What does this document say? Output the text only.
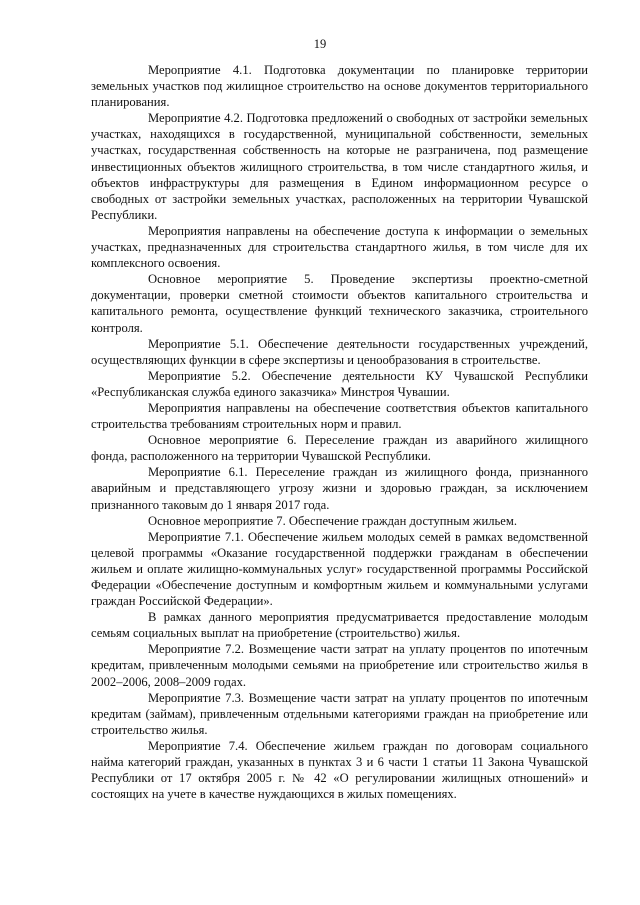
19

Мероприятие 4.1. Подготовка документации по планировке территории земельных участков под жилищное строительство на основе документов территориального планирования.

Мероприятие 4.2. Подготовка предложений о свободных от застройки земельных участках, находящихся в государственной, муниципальной собственности, земельных участках, государственная собственность на которые не разграничена, под размещение инвестиционных объектов жилищного строительства, в том числе стандартного жилья, и объектов инфраструктуры для размещения в Едином информационном ресурсе о свободных от застройки земельных участках, расположенных на территории Чувашской Республики.

Мероприятия направлены на обеспечение доступа к информации о земельных участках, предназначенных для строительства стандартного жилья, в том числе для их комплексного освоения.

Основное мероприятие 5. Проведение экспертизы проектно-сметной документации, проверки сметной стоимости объектов капитального строительства и капитального ремонта, осуществление функций технического заказчика, строительного контроля.

Мероприятие 5.1. Обеспечение деятельности государственных учреждений, осуществляющих функции в сфере экспертизы и ценообразования в строительстве.

Мероприятие 5.2. Обеспечение деятельности КУ Чувашской Республики «Республиканская служба единого заказчика» Минстроя Чувашии.

Мероприятия направлены на обеспечение соответствия объектов капитального строительства требованиям строительных норм и правил.

Основное мероприятие 6. Переселение граждан из аварийного жилищного фонда, расположенного на территории Чувашской Республики.

Мероприятие 6.1. Переселение граждан из жилищного фонда, признанного аварийным и представляющего угрозу жизни и здоровью граждан, за исключением признанного таковым до 1 января 2017 года.

Основное мероприятие 7. Обеспечение граждан доступным жильем.

Мероприятие 7.1. Обеспечение жильем молодых семей в рамках ведомственной целевой программы «Оказание государственной поддержки гражданам в обеспечении жильем и оплате жилищно-коммунальных услуг» государственной программы Российской Федерации «Обеспечение доступным и комфортным жильем и коммунальными услугами граждан Российской Федерации».

В рамках данного мероприятия предусматривается предоставление молодым семьям социальных выплат на приобретение (строительство) жилья.

Мероприятие 7.2. Возмещение части затрат на уплату процентов по ипотечным кредитам, привлеченным молодыми семьями на приобретение или строительство жилья в 2002–2006, 2008–2009 годах.

Мероприятие 7.3. Возмещение части затрат на уплату процентов по ипотечным кредитам (займам), привлеченным отдельными категориями граждан на приобретение или строительство жилья.

Мероприятие 7.4. Обеспечение жильем граждан по договорам социального найма категорий граждан, указанных в пунктах 3 и 6 части 1 статьи 11 Закона Чувашской Республики от 17 октября 2005 г. № 42 «О регулировании жилищных отношений» и состоящих на учете в качестве нуждающихся в жилых помещениях.
